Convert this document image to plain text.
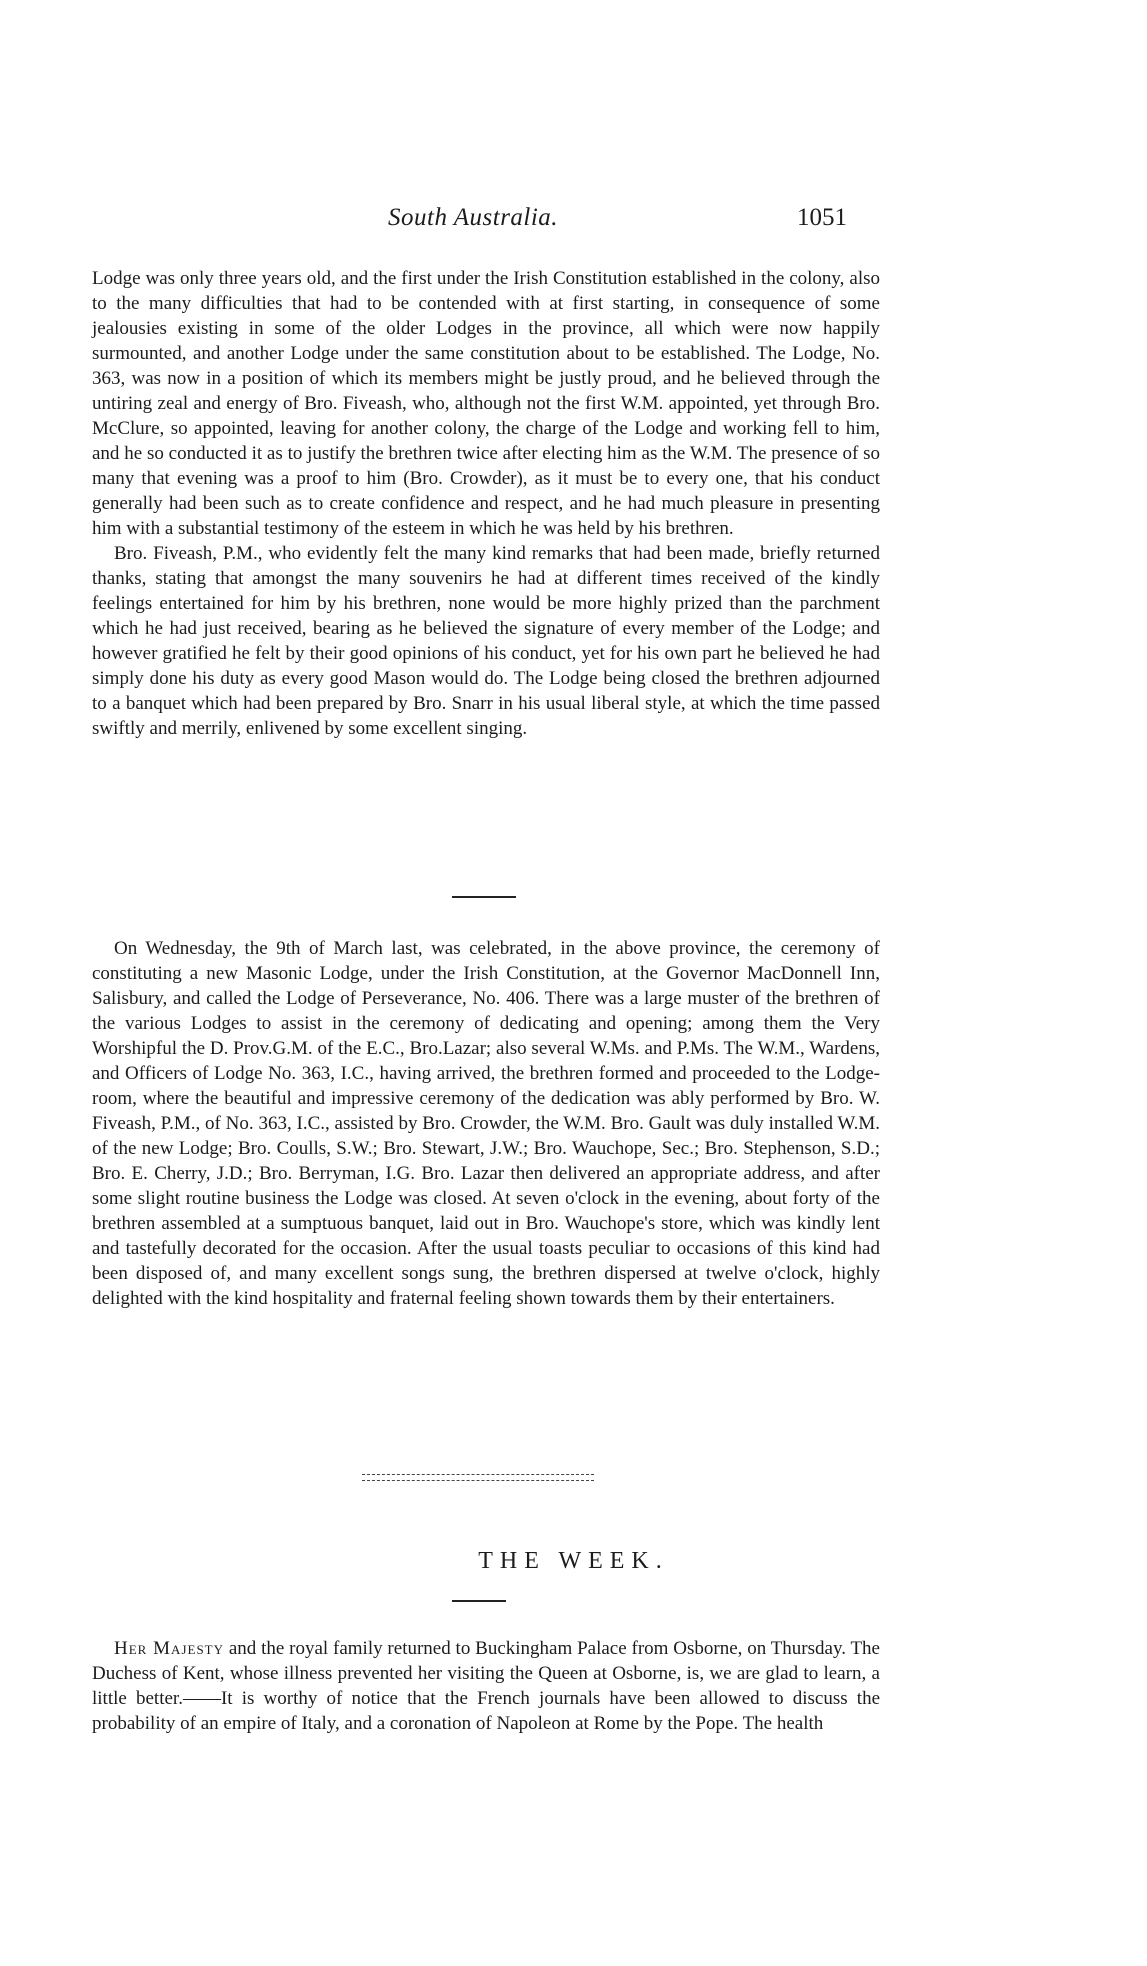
South Australia.	1051

Lodge was only three years old, and the first under the Irish Constitution established in the colony, also to the many difficulties that had to be contended with at first starting, in consequence of some jealousies existing in some of the older Lodges in the province, all which were now happily surmounted, and another Lodge under the same constitution about to be established. The Lodge, No. 363, was now in a position of which its members might be justly proud, and he believed through the untiring zeal and energy of Bro. Fiveash, who, although not the first W.M. appointed, yet through Bro. McClure, so appointed, leaving for another colony, the charge of the Lodge and working fell to him, and he so conducted it as to justify the brethren twice after electing him as the W.M. The presence of so many that evening was a proof to him (Bro. Crowder), as it must be to every one, that his conduct generally had been such as to create confidence and respect, and he had much pleasure in presenting him with a substantial testimony of the esteem in which he was held by his brethren.

Bro. Fiveash, P.M., who evidently felt the many kind remarks that had been made, briefly returned thanks, stating that amongst the many souvenirs he had at different times received of the kindly feelings entertained for him by his brethren, none would be more highly prized than the parchment which he had just received, bearing as he believed the signature of every member of the Lodge; and however gratified he felt by their good opinions of his conduct, yet for his own part he believed he had simply done his duty as every good Mason would do. The Lodge being closed the brethren adjourned to a banquet which had been prepared by Bro. Snarr in his usual liberal style, at which the time passed swiftly and merrily, enlivened by some excellent singing.

On Wednesday, the 9th of March last, was celebrated, in the above province, the ceremony of constituting a new Masonic Lodge, under the Irish Constitution, at the Governor MacDonnell Inn, Salisbury, and called the Lodge of Perseverance, No. 406. There was a large muster of the brethren of the various Lodges to assist in the ceremony of dedicating and opening; among them the Very Worshipful the D. Prov.G.M. of the E.C., Bro.Lazar; also several W.Ms. and P.Ms. The W.M., Wardens, and Officers of Lodge No. 363, I.C., having arrived, the brethren formed and proceeded to the Lodge-room, where the beautiful and impressive ceremony of the dedication was ably performed by Bro. W. Fiveash, P.M., of No. 363, I.C., assisted by Bro. Crowder, the W.M. Bro. Gault was duly installed W.M. of the new Lodge; Bro. Coulls, S.W.; Bro. Stewart, J.W.; Bro. Wauchope, Sec.; Bro. Stephenson, S.D.; Bro. E. Cherry, J.D.; Bro. Berryman, I.G. Bro. Lazar then delivered an appropriate address, and after some slight routine business the Lodge was closed. At seven o'clock in the evening, about forty of the brethren assembled at a sumptuous banquet, laid out in Bro. Wauchope's store, which was kindly lent and tastefully decorated for the occasion. After the usual toasts peculiar to occasions of this kind had been disposed of, and many excellent songs sung, the brethren dispersed at twelve o'clock, highly delighted with the kind hospitality and fraternal feeling shown towards them by their entertainers.

THE WEEK.

Her Majesty and the royal family returned to Buckingham Palace from Osborne, on Thursday. The Duchess of Kent, whose illness prevented her visiting the Queen at Osborne, is, we are glad to learn, a little better.——It is worthy of notice that the French journals have been allowed to discuss the probability of an empire of Italy, and a coronation of Napoleon at Rome by the Pope. The health
